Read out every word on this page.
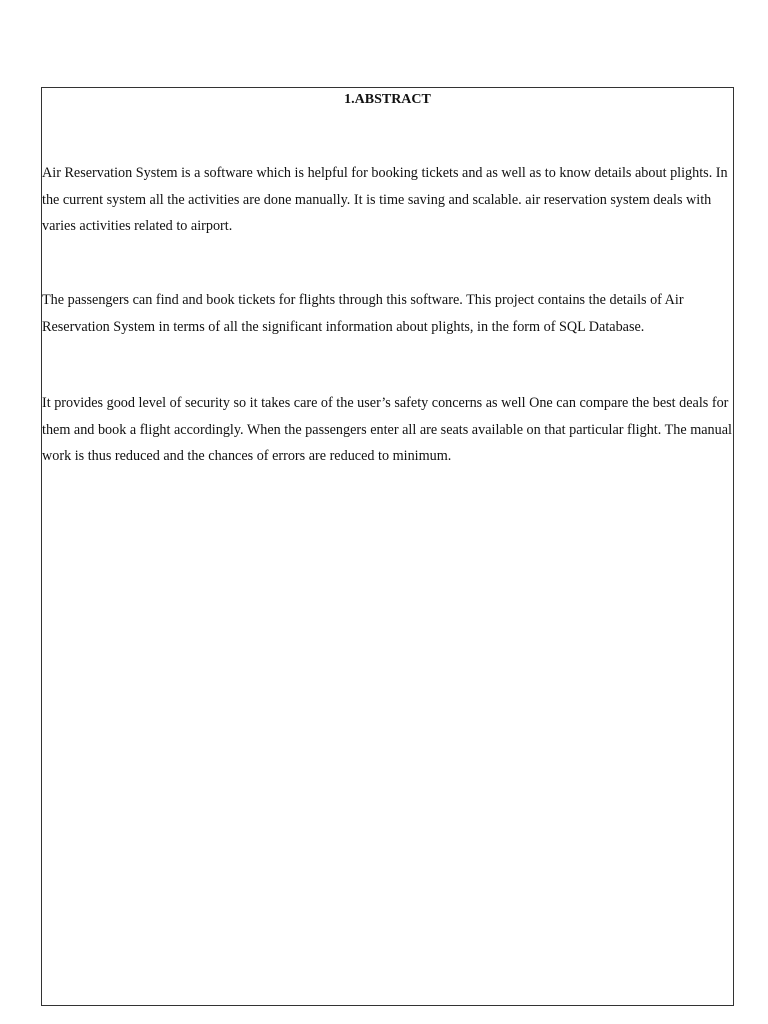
1.ABSTRACT

Air Reservation System is a software which is helpful for booking tickets and as well as to know details about plights. In the current system all the activities are done manually. It is time saving and scalable. air reservation system deals with varies activities related to airport.

The passengers can find and book tickets for flights through this software. This project contains the details of Air Reservation System in terms of all the significant information about plights, in the form of SQL Database.

It provides good level of security so it takes care of the user’s safety concerns as well One can compare the best deals for them and book a flight accordingly. When the passengers enter all are seats available on that particular flight. The manual work is thus reduced and the chances of errors are reduced to minimum.
